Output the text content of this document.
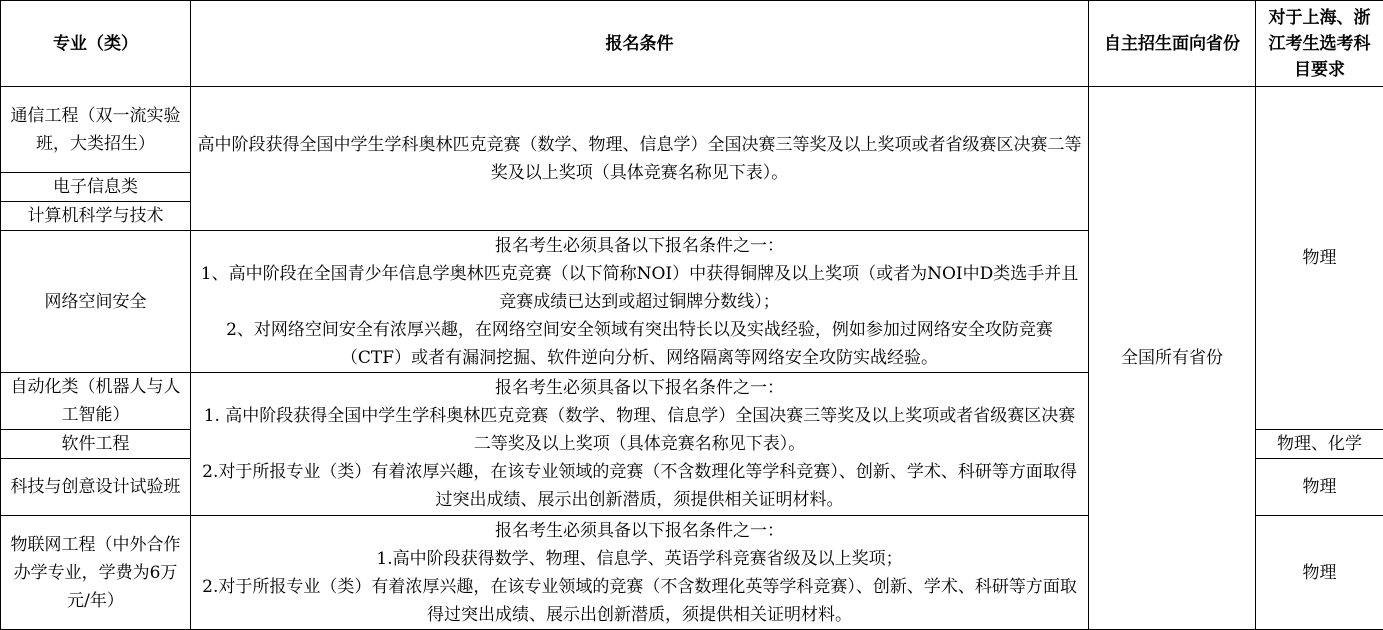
专业（类）	报名条件	自主招生面向省份	对于上海、浙江考生选考科目要求
通信工程（双一流实验班，大类招生）	高中阶段获得全国中学生学科奥林匹克竞赛（数学、物理、信息学）全国决赛三等奖及以上奖项或者省级赛区决赛二等奖及以上奖项（具体竞赛名称见下表）。	全国所有省份	物理
电子信息类			
计算机科学与技术			
网络空间安全	报名考生必须具备以下报名条件之一：

1、高中阶段在全国青少年信息学奥林匹克竞赛（以下简称NOI）中获得铜牌及以上奖项（或者为NOI中D类选手并且竞赛成绩已达到或超过铜牌分数线）；

2、对网络空间安全有浓厚兴趣，在网络空间安全领域有突出特长以及实战经验，例如参加过网络安全攻防竞赛（CTF）或者有漏洞挖掘、软件逆向分析、网络隔离等网络安全攻防实战经验。		

自动化类（机器人与人工智能）	报名考生必须具备以下报名条件之一：

1. 高中阶段获得全国中学生学科奥林匹克竞赛（数学、物理、信息学）全国决赛三等奖及以上奖项或者省级赛区决赛二等奖及以上奖项（具体竞赛名称见下表）。

2.对于所报专业（类）有着浓厚兴趣，在该专业领域的竞赛（不含数理化等学科竞赛）、创新、学术、科研等方面取得过突出成绩、展示出创新潜质，须提供相关证明材料。		

软件工程			物理、化学
科技与创意设计试验班			物理
物联网工程（中外合作办学专业，学费为6万元/年）	报名考生必须具备以下报名条件之一：

1.高中阶段获得数学、物理、信息学、英语学科竞赛省级及以上奖项；

2.对于所报专业（类）有着浓厚兴趣，在该专业领域的竞赛（不含数理化英等学科竞赛）、创新、学术、科研等方面取得过突出成绩、展示出创新潜质，须提供相关证明材料。		物理
